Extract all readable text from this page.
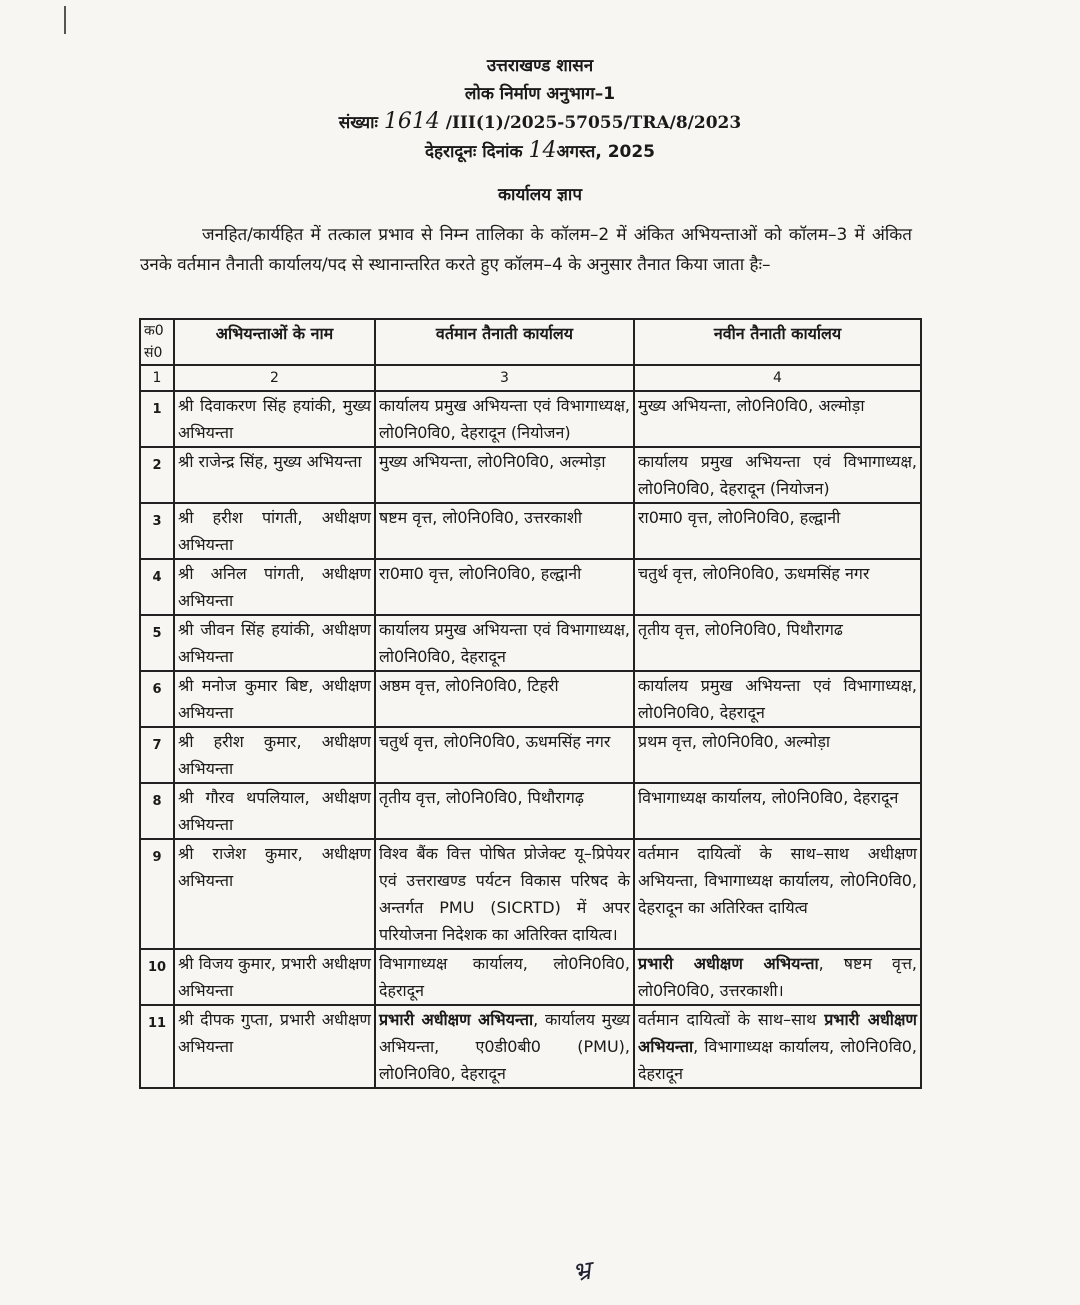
उत्तराखण्ड शासन
लोक निर्माण अनुभाग–1
संख्याः 1614 /III(1)/2025-57055/TRA/8/2023
देहरादूनः दिनांक 14अगस्त, 2025
कार्यालय ज्ञाप

जनहित/कार्यहित में तत्काल प्रभाव से निम्न तालिका के कॉलम–2 में अंकित अभियन्ताओं को कॉलम–3 में अंकित उनके वर्तमान तैनाती कार्यालय/पद से स्थानान्तरित करते हुए कॉलम–4 के अनुसार तैनात किया जाता हैः–

क0 सं0	अभियन्ताओं के नाम	वर्तमान तैनाती कार्यालय	नवीन तैनाती कार्यालय
1	2	3	4
1	श्री दिवाकरण सिंह हयांकी, मुख्य अभियन्ता	कार्यालय प्रमुख अभियन्ता एवं विभागाध्यक्ष, लो0नि0वि0, देहरादून (नियोजन)	मुख्य अभियन्ता, लो0नि0वि0, अल्मोड़ा
2	श्री राजेन्द्र सिंह, मुख्य अभियन्ता	मुख्य अभियन्ता, लो0नि0वि0, अल्मोड़ा	कार्यालय प्रमुख अभियन्ता एवं विभागाध्यक्ष, लो0नि0वि0, देहरादून (नियोजन)
3	श्री हरीश पांगती, अधीक्षण अभियन्ता	षष्टम वृत्त, लो0नि0वि0, उत्तरकाशी	रा0मा0 वृत्त, लो0नि0वि0, हल्द्वानी
4	श्री अनिल पांगती, अधीक्षण अभियन्ता	रा0मा0 वृत्त, लो0नि0वि0, हल्द्वानी	चतुर्थ वृत्त, लो0नि0वि0, ऊधमसिंह नगर
5	श्री जीवन सिंह हयांकी, अधीक्षण अभियन्ता	कार्यालय प्रमुख अभियन्ता एवं विभागाध्यक्ष, लो0नि0वि0, देहरादून	तृतीय वृत्त, लो0नि0वि0, पिथौरागढ
6	श्री मनोज कुमार बिष्ट, अधीक्षण अभियन्ता	अष्ठम वृत्त, लो0नि0वि0, टिहरी	कार्यालय प्रमुख अभियन्ता एवं विभागाध्यक्ष, लो0नि0वि0, देहरादून
7	श्री हरीश कुमार, अधीक्षण अभियन्ता	चतुर्थ वृत्त, लो0नि0वि0, ऊधमसिंह नगर	प्रथम वृत्त, लो0नि0वि0, अल्मोड़ा
8	श्री गौरव थपलियाल, अधीक्षण अभियन्ता	तृतीय वृत्त, लो0नि0वि0, पिथौरागढ़	विभागाध्यक्ष कार्यालय, लो0नि0वि0, देहरादून
9	श्री राजेश कुमार, अधीक्षण अभियन्ता	विश्व बैंक वित्त पोषित प्रोजेक्ट यू–प्रिपेयर एवं उत्तराखण्ड पर्यटन विकास परिषद के अन्तर्गत PMU (SICRTD) में अपर परियोजना निदेशक का अतिरिक्त दायित्व।	वर्तमान दायित्वों के साथ–साथ अधीक्षण अभियन्ता, विभागाध्यक्ष कार्यालय, लो0नि0वि0, देहरादून का अतिरिक्त दायित्व
10	श्री विजय कुमार, प्रभारी अधीक्षण अभियन्ता	विभागाध्यक्ष कार्यालय, लो0नि0वि0, देहरादून	प्रभारी अधीक्षण अभियन्ता, षष्टम वृत्त, लो0नि0वि0, उत्तरकाशी।
11	श्री दीपक गुप्ता, प्रभारी अधीक्षण अभियन्ता	प्रभारी अधीक्षण अभियन्ता, कार्यालय मुख्य अभियन्ता, ए0डी0बी0 (PMU), लो0नि0वि0, देहरादून	वर्तमान दायित्वों के साथ–साथ प्रभारी अधीक्षण अभियन्ता, विभागाध्यक्ष कार्यालय, लो0नि0वि0, देहरादून
भ्र
